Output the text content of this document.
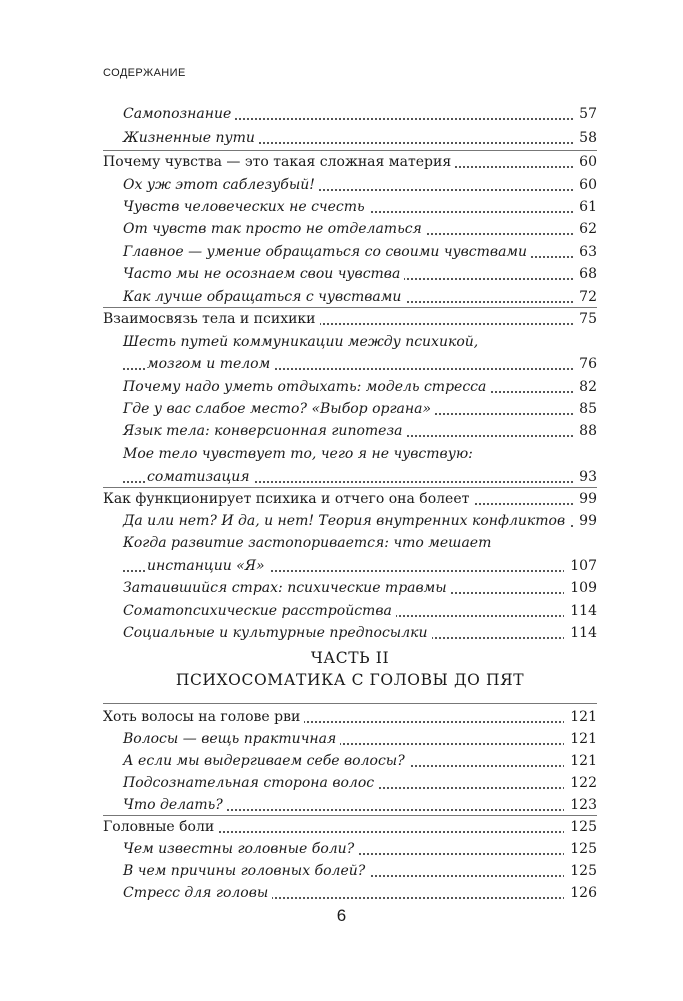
СОДЕРЖАНИЕ
Самопознание	57
Жизненные пути	58
Почему чувства — это такая сложная материя	60
Ох уж этот саблезубый!	60
Чувств человеческих не счесть	61
От чувств так просто не отделаться	62
Главное — умение обращаться со своими чувствами	63
Часто мы не осознаем свои чувства	68
Как лучше обращаться с чувствами	72
Взаимосвязь тела и психики	75
Шесть путей коммуникации между психикой,
мозгом и телом	76
Почему надо уметь отдыхать: модель стресса	82
Где у вас слабое место? «Выбор органа»	85
Язык тела: конверсионная гипотеза	88
Мое тело чувствует то, чего я не чувствую:
соматизация	93
Как функционирует психика и отчего она болеет	99
Да или нет? И да, и нет! Теория внутренних конфликтов	99
Когда развитие застопоривается: что мешает
инстанции «Я»	107
Затаившийся страх: психические травмы	109
Соматопсихические расстройства	114
Социальные и культурные предпосылки	114
Хоть волосы на голове рви	121
Волосы — вещь практичная	121
А если мы выдергиваем себе волосы?	121
Подсознательная сторона волос	122
Что делать?	123
Головные боли	125
Чем известны головные боли?	125
В чем причины головных болей?	125
Стресс для головы	126
ЧАСТЬ II
ПСИХОСОМАТИКА С ГОЛОВЫ ДО ПЯТ
6
